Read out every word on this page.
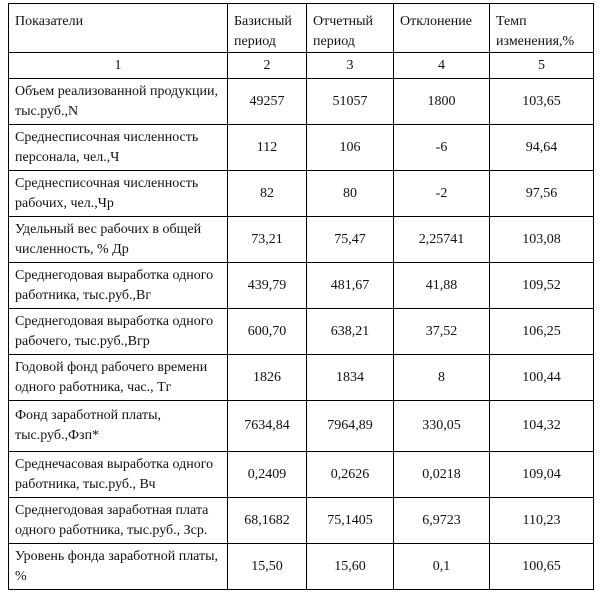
Показатели	Базисный период	Отчетный период	Отклонение	Темп изменения,%
1	2	3	4	5
Объем реализованной продукции, тыс.руб.,N	49257	51057	1800	103,65
Среднесписочная численность персонала, чел.,Ч	112	106	-6	94,64
Среднесписочная численность рабочих, чел.,Чр	82	80	-2	97,56
Удельный вес рабочих в общей численность, % Др	73,21	75,47	2,25741	103,08
Среднегодовая выработка одного работника, тыс.руб.,Вг	439,79	481,67	41,88	109,52
Среднегодовая выработка одного рабочего, тыс.руб.,Вгр	600,70	638,21	37,52	106,25
Годовой фонд рабочего времени одного работника, час., Тг	1826	1834	8	100,44
Фонд заработной платы, тыс.руб.,Фзп*	7634,84	7964,89	330,05	104,32
Среднечасовая выработка одного работника, тыс.руб., Вч	0,2409	0,2626	0,0218	109,04
Среднегодовая заработная плата одного работника, тыс.руб., Зср.	68,1682	75,1405	6,9723	110,23
Уровень фонда заработной платы, %	15,50	15,60	0,1	100,65
